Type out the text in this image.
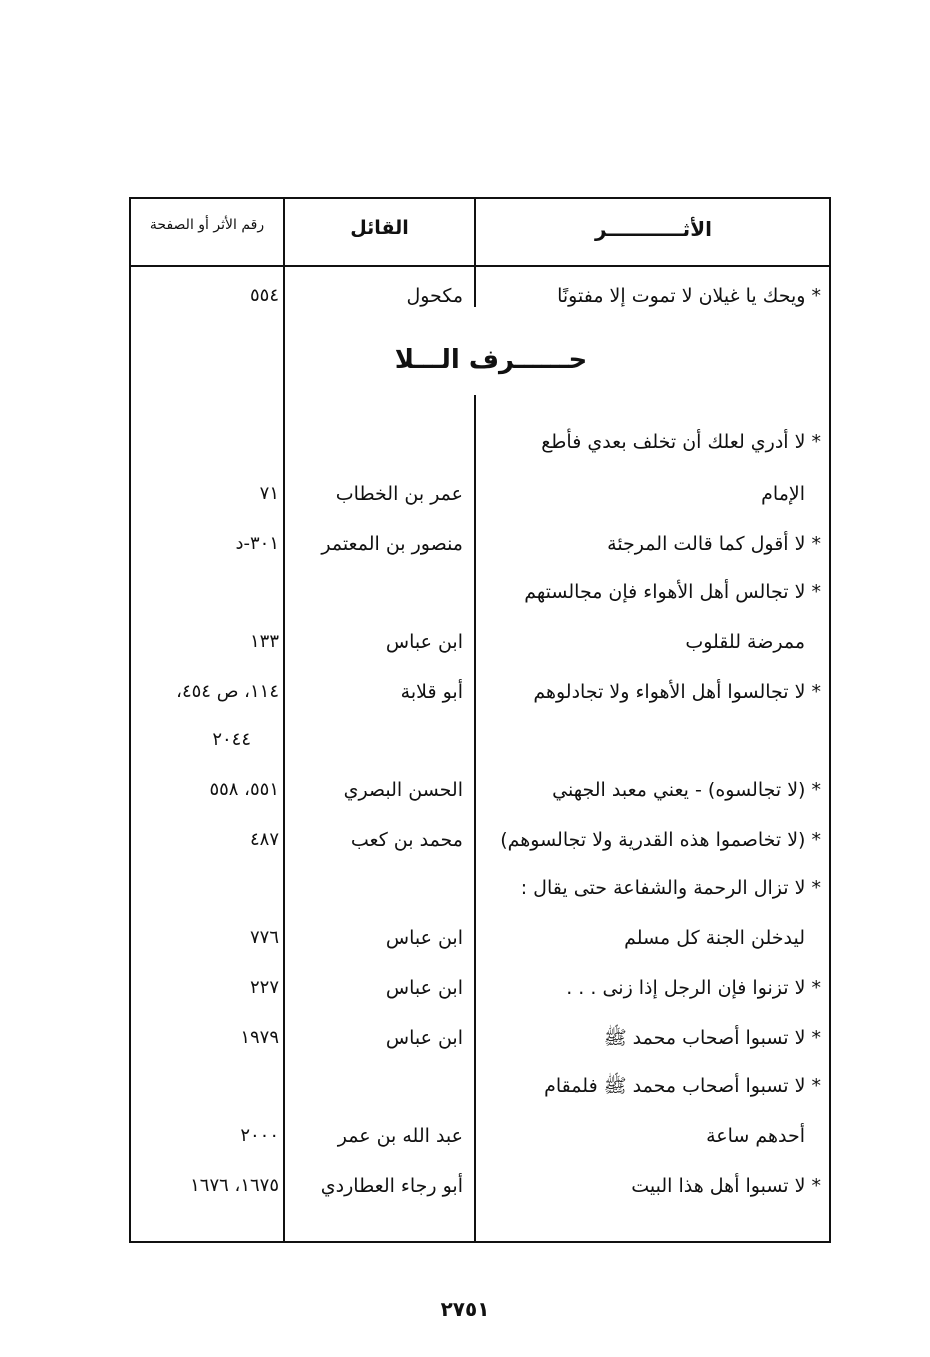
الأثـــــــــــر
القائل
رقم الأثر أو الصفحة
حــــــرف الـــلا
* ويحك يا غيلان لا تموت إلا مفتونًا
مكحول
٥٥٤
* لا أدري لعلك أن تخلف بعدي فأطع
الإمام
عمر بن الخطاب
٧١
* لا أقول كما قالت المرجئة
منصور بن المعتمر
٣٠١-د
* لا تجالس أهل الأهواء فإن مجالستهم
ممرضة للقلوب
ابن عباس
١٣٣
* لا تجالسوا أهل الأهواء ولا تجادلوهم
أبو قلابة
١١٤، ص ٤٥٤،
٢٠٤٤
* (لا تجالسوه) - يعني معبد الجهني
الحسن البصري
٥٥١، ٥٥٨
* (لا تخاصموا هذه القدرية ولا تجالسوهم)
محمد بن كعب
٤٨٧
* لا تزال الرحمة والشفاعة حتى يقال :
ليدخلن الجنة كل مسلم
ابن عباس
٧٧٦
* لا تزنوا فإن الرجل إذا زنى . . .
ابن عباس
٢٢٧
* لا تسبوا أصحاب محمد ﷺ
ابن عباس
١٩٧٩
* لا تسبوا أصحاب محمد ﷺ فلمقام
أحدهم ساعة
عبد الله بن عمر
٢٠٠٠
* لا تسبوا أهل هذا البيت
أبو رجاء العطاردي
١٦٧٥، ١٦٧٦
٢٧٥١
